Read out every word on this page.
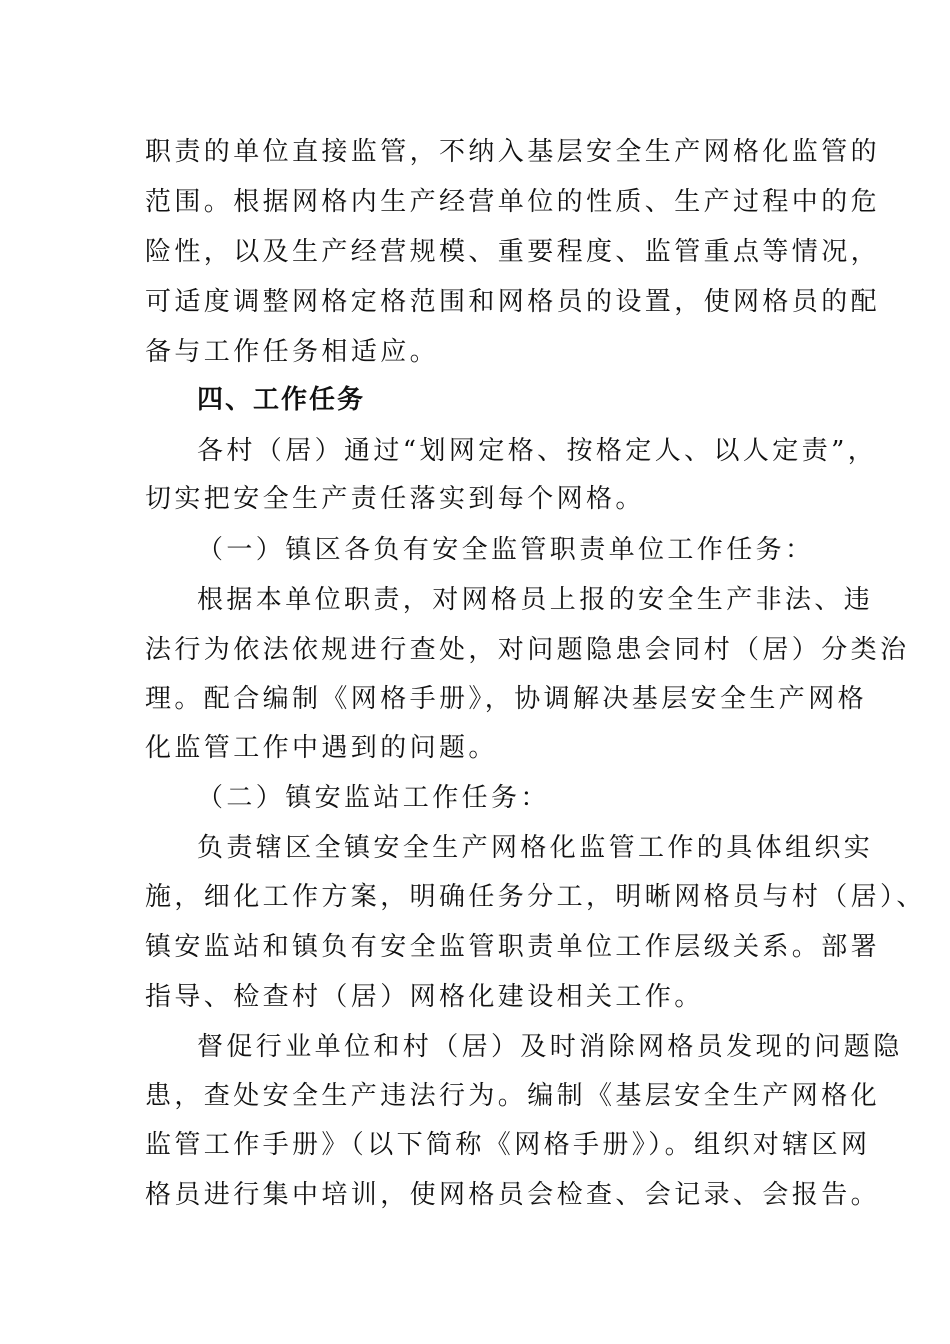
职责的单位直接监管，不纳入基层安全生产网格化监管的
范围。根据网格内生产经营单位的性质、生产过程中的危
险性，以及生产经营规模、重要程度、监管重点等情况，
可适度调整网格定格范围和网格员的设置，使网格员的配
备与工作任务相适应。
四、工作任务
各村（居）通过“划网定格、按格定人、以人定责”，
切实把安全生产责任落实到每个网格。
（一）镇区各负有安全监管职责单位工作任务：
根据本单位职责，对网格员上报的安全生产非法、违
法行为依法依规进行查处，对问题隐患会同村（居）分类治
理。配合编制《网格手册》，协调解决基层安全生产网格
化监管工作中遇到的问题。
（二）镇安监站工作任务：
负责辖区全镇安全生产网格化监管工作的具体组织实
施，细化工作方案，明确任务分工，明晰网格员与村（居）、
镇安监站和镇负有安全监管职责单位工作层级关系。部署
指导、检查村（居）网格化建设相关工作。
督促行业单位和村（居）及时消除网格员发现的问题隐
患，查处安全生产违法行为。编制《基层安全生产网格化
监管工作手册》（以下简称《网格手册》）。组织对辖区网
格员进行集中培训，使网格员会检查、会记录、会报告。
